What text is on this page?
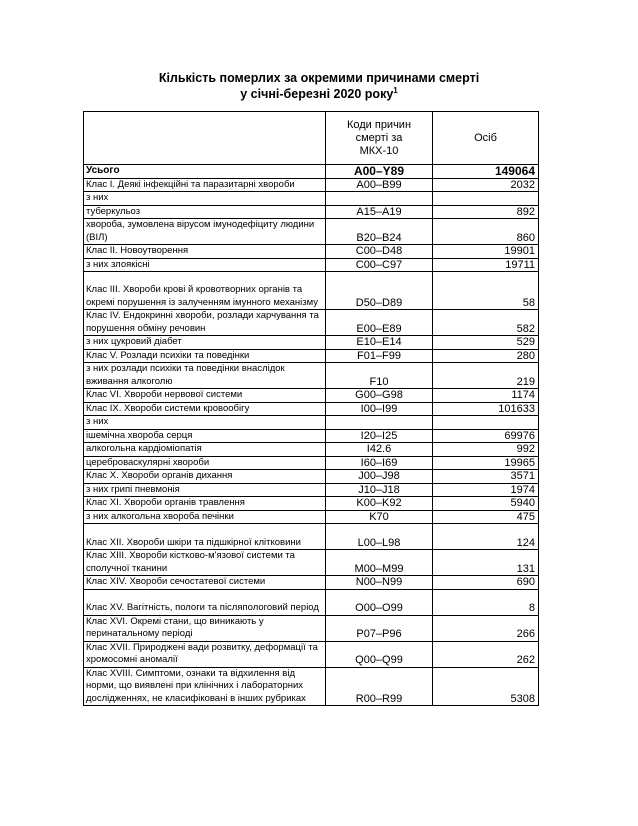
Кількість померлих за окремими причинами смерті
у січні-березні 2020 року$^1$
	Коди причин смерті за МКХ-10	Осіб
Усього	A00–Y89	149064
Клас I. Деякі інфекційні та паразитарні хвороби	A00–B99	2032
з них		
туберкульоз	A15–A19	892
хвороба, зумовлена вірусом імунодефіциту людини (ВІЛ)	B20–B24	860
Клас II. Новоутворення	C00–D48	19901
з них злоякісні	C00–C97	19711
Клас III. Хвороби крові й кровотворних органів та окремі порушення із залученням імунного механізму	D50–D89	58
Клас IV. Ендокринні хвороби, розлади харчування та порушення обміну речовин	E00–E89	582
з них цукровий діабет	E10–E14	529
Клас V. Розлади психіки та поведінки	F01–F99	280
з них розлади психіки та поведінки внаслідок вживання алкоголю	F10	219
Клас VI. Хвороби нервової системи	G00–G98	1174
Клас IX. Хвороби системи кровообігу	I00–I99	101633
з них		
ішемічна хвороба серця	I20–I25	69976
алкогольна кардіоміопатія	I42.6	992
цереброваскулярні хвороби	I60–I69	19965
Клас X. Хвороби органів дихання	J00–J98	3571
з них грипі пневмонія	J10–J18	1974
Клас XI. Хвороби органів травлення	K00–K92	5940
з них алкогольна хвороба печінки	K70	475
Клас XII. Хвороби шкіри та підшкірної клітковини	L00–L98	124
Клас XIII. Хвороби кістково-м'язової системи та сполучної тканини	M00–M99	131
Клас XIV. Хвороби сечостатевої системи	N00–N99	690
Клас XV. Вагітність, пологи та післяпологовий період	O00–O99	8
Клас XVI. Окремі стани, що виникають у перинатальному періоді	P07–P96	266
Клас XVII. Природжені вади розвитку, деформації та хромосомні аномалії	Q00–Q99	262
Клас XVIII. Симптоми, ознаки та відхилення від норми, що виявлені при клінічних і лабораторних дослідженнях, не класифіковані в інших рубриках	R00–R99	5308
